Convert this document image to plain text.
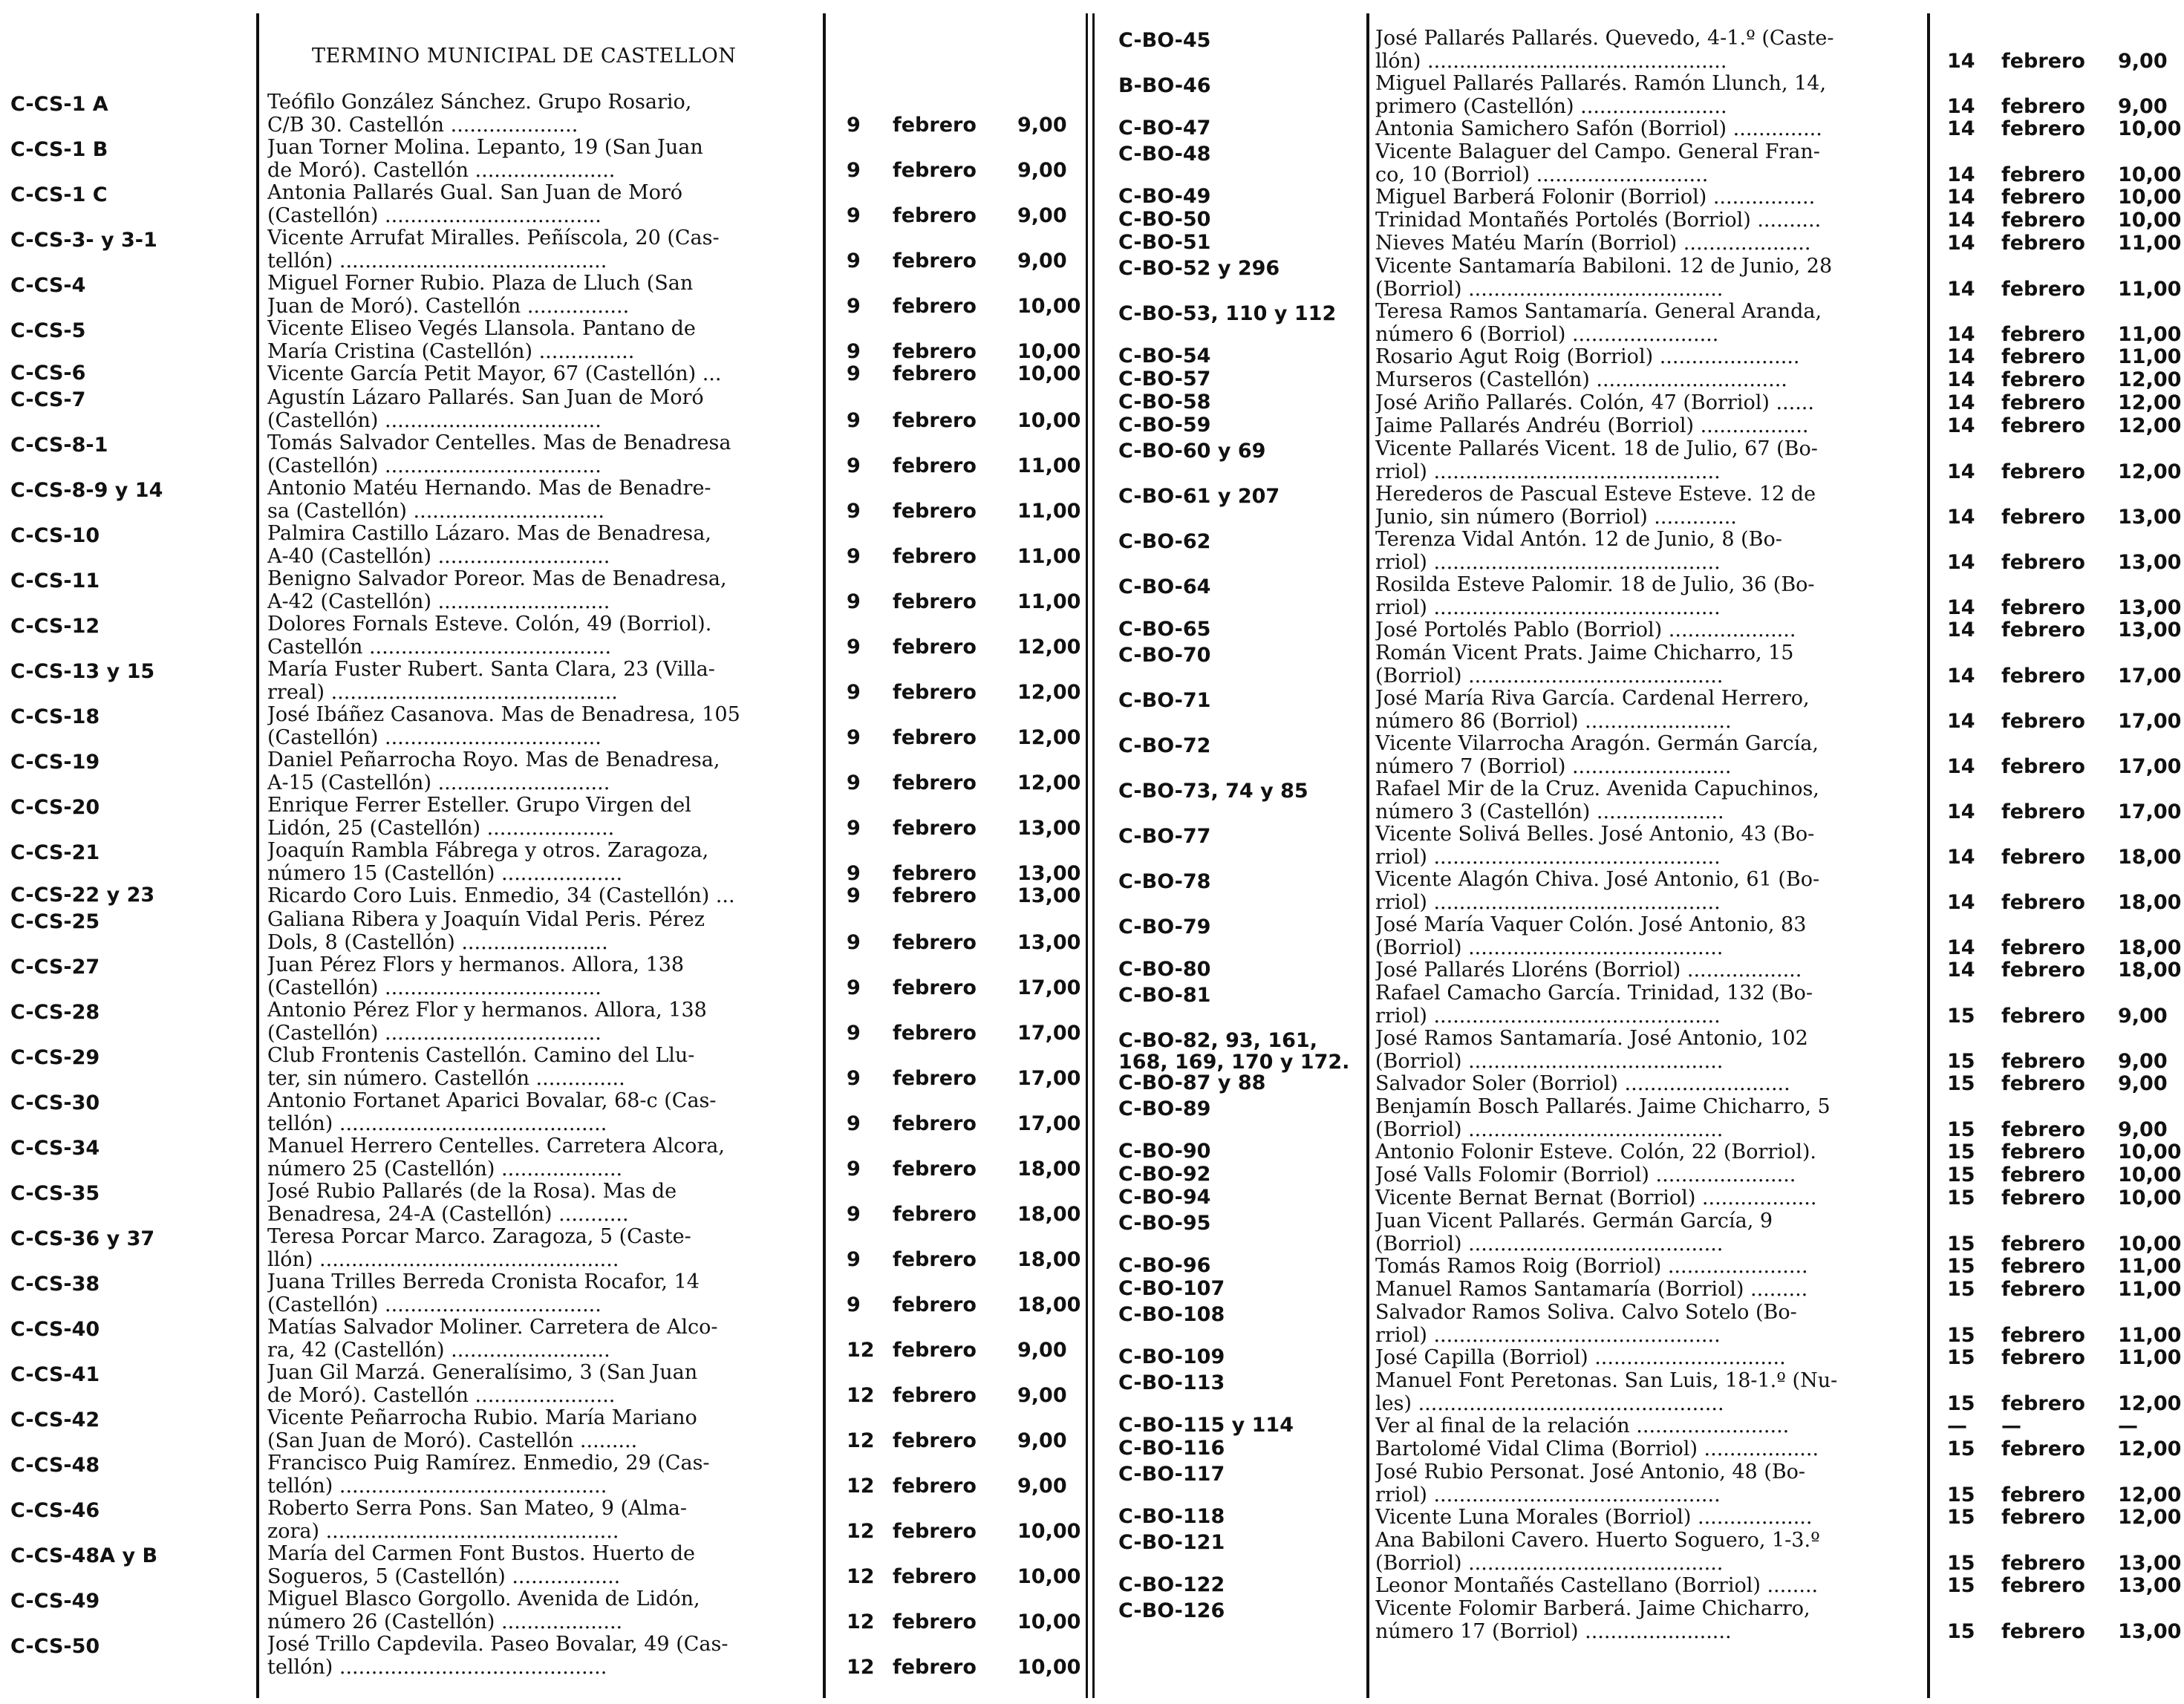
TERMINO MUNICIPAL DE CASTELLON
C-CS-1 A	Teófilo González Sánchez. Grupo Rosario,
C/B 30. Castellón ....................	9 febrero 9,00
C-CS-1 B	Juan Torner Molina. Lepanto, 19 (San Juan
de Moró). Castellón ......................	9 febrero 9,00
C-CS-1 C	Antonia Pallarés Gual. San Juan de Moró
(Castellón) ..................................	9 febrero 9,00
C-CS-3- y 3-1	Vicente Arrufat Miralles. Peñíscola, 20 (Cas-
tellón) ..........................................	9 febrero 9,00
C-CS-4	Miguel Forner Rubio. Plaza de Lluch (San
Juan de Moró). Castellón ................	9 febrero 10,00
C-CS-5	Vicente Eliseo Vegés Llansola. Pantano de
María Cristina (Castellón) ...............	9 febrero 10,00
C-CS-6	Vicente García Petit Mayor, 67 (Castellón) ...	9 febrero 10,00
C-CS-7	Agustín Lázaro Pallarés. San Juan de Moró
(Castellón) ..................................	9 febrero 10,00
C-CS-8-1	Tomás Salvador Centelles. Mas de Benadresa
(Castellón) ..................................	9 febrero 11,00
C-CS-8-9 y 14	Antonio Matéu Hernando. Mas de Benadre-
sa (Castellón) ..............................	9 febrero 11,00
C-CS-10	Palmira Castillo Lázaro. Mas de Benadresa,
A-40 (Castellón) ...........................	9 febrero 11,00
C-CS-11	Benigno Salvador Poreor. Mas de Benadresa,
A-42 (Castellón) ...........................	9 febrero 11,00
C-CS-12	Dolores Fornals Esteve. Colón, 49 (Borriol).
Castellón ......................................	9 febrero 12,00
C-CS-13 y 15	María Fuster Rubert. Santa Clara, 23 (Villa-
rreal) .............................................	9 febrero 12,00
C-CS-18	José Ibáñez Casanova. Mas de Benadresa, 105
(Castellón) ..................................	9 febrero 12,00
C-CS-19	Daniel Peñarrocha Royo. Mas de Benadresa,
A-15 (Castellón) ...........................	9 febrero 12,00
C-CS-20	Enrique Ferrer Esteller. Grupo Virgen del
Lidón, 25 (Castellón) ....................	9 febrero 13,00
C-CS-21	Joaquín Rambla Fábrega y otros. Zaragoza,
número 15 (Castellón) ...................	9 febrero 13,00
C-CS-22 y 23	Ricardo Coro Luis. Enmedio, 34 (Castellón) ...	9 febrero 13,00
C-CS-25	Galiana Ribera y Joaquín Vidal Peris. Pérez
Dols, 8 (Castellón) .......................	9 febrero 13,00
C-CS-27	Juan Pérez Flors y hermanos. Allora, 138
(Castellón) ..................................	9 febrero 17,00
C-CS-28	Antonio Pérez Flor y hermanos. Allora, 138
(Castellón) ..................................	9 febrero 17,00
C-CS-29	Club Frontenis Castellón. Camino del Llu-
ter, sin número. Castellón ..............	9 febrero 17,00
C-CS-30	Antonio Fortanet Aparici Bovalar, 68-c (Cas-
tellón) ..........................................	9 febrero 17,00
C-CS-34	Manuel Herrero Centelles. Carretera Alcora,
número 25 (Castellón) ...................	9 febrero 18,00
C-CS-35	José Rubio Pallarés (de la Rosa). Mas de
Benadresa, 24-A (Castellón) ...........	9 febrero 18,00
C-CS-36 y 37	Teresa Porcar Marco. Zaragoza, 5 (Caste-
llón) ...............................................	9 febrero 18,00
C-CS-38	Juana Trilles Berreda Cronista Rocafor, 14
(Castellón) ..................................	9 febrero 18,00
C-CS-40	Matías Salvador Moliner. Carretera de Alco-
ra, 42 (Castellón) .........................	12 febrero 9,00
C-CS-41	Juan Gil Marzá. Generalísimo, 3 (San Juan
de Moró). Castellón ......................	12 febrero 9,00
C-CS-42	Vicente Peñarrocha Rubio. María Mariano
(San Juan de Moró). Castellón .........	12 febrero 9,00
C-CS-48	Francisco Puig Ramírez. Enmedio, 29 (Cas-
tellón) ..........................................	12 febrero 9,00
C-CS-46	Roberto Serra Pons. San Mateo, 9 (Alma-
zora) ..............................................	12 febrero 10,00
C-CS-48A y B	María del Carmen Font Bustos. Huerto de
Sogueros, 5 (Castellón) .................	12 febrero 10,00
C-CS-49	Miguel Blasco Gorgollo. Avenida de Lidón,
número 26 (Castellón) ...................	12 febrero 10,00
C-CS-50	José Trillo Capdevila. Paseo Bovalar, 49 (Cas-
tellón) ..........................................	12 febrero 10,00
C-BO-45	José Pallarés Pallarés. Quevedo, 4-1.º (Caste-
llón) ...............................................	14 febrero 9,00
B-BO-46	Miguel Pallarés Pallarés. Ramón Llunch, 14,
primero (Castellón) .......................	14 febrero 9,00
C-BO-47	Antonia Samichero Safón (Borriol) ..............	14 febrero 10,00
C-BO-48	Vicente Balaguer del Campo. General Fran-
co, 10 (Borriol) ...........................	14 febrero 10,00
C-BO-49	Miguel Barberá Folonir (Borriol) ................	14 febrero 10,00
C-BO-50	Trinidad Montañés Portolés (Borriol) ..........	14 febrero 10,00
C-BO-51	Nieves Matéu Marín (Borriol) ....................	14 febrero 11,00
C-BO-52 y 296	Vicente Santamaría Babiloni. 12 de Junio, 28
(Borriol) ........................................	14 febrero 11,00
C-BO-53, 110 y 112 Teresa Ramos Santamaría. General Aranda,
número 6 (Borriol) .......................	14 febrero 11,00
C-BO-54	Rosario Agut Roig (Borriol) ......................	14 febrero 11,00
C-BO-57	Murseros (Castellón) ..............................	14 febrero 12,00
C-BO-58	José Ariño Pallarés. Colón, 47 (Borriol) ......	14 febrero 12,00
C-BO-59	Jaime Pallarés Andréu (Borriol) .................	14 febrero 12,00
C-BO-60 y 69	Vicente Pallarés Vicent. 18 de Julio, 67 (Bo-
rriol) .............................................	14 febrero 12,00
C-BO-61 y 207	Herederos de Pascual Esteve Esteve. 12 de
Junio, sin número (Borriol) .............	14 febrero 13,00
C-BO-62	Terenza Vidal Antón. 12 de Junio, 8 (Bo-
rriol) .............................................	14 febrero 13,00
C-BO-64	Rosilda Esteve Palomir. 18 de Julio, 36 (Bo-
rriol) .............................................	14 febrero 13,00
C-BO-65	José Portolés Pablo (Borriol) ....................	14 febrero 13,00
C-BO-70	Román Vicent Prats. Jaime Chicharro, 15
(Borriol) ........................................	14 febrero 17,00
C-BO-71	José María Riva García. Cardenal Herrero,
número 86 (Borriol) .......................	14 febrero 17,00
C-BO-72	Vicente Vilarrocha Aragón. Germán García,
número 7 (Borriol) .........................	14 febrero 17,00
C-BO-73, 74 y 85	Rafael Mir de la Cruz. Avenida Capuchinos,
número 3 (Castellón) ....................	14 febrero 17,00
C-BO-77	Vicente Solivá Belles. José Antonio, 43 (Bo-
rriol) .............................................	14 febrero 18,00
C-BO-78	Vicente Alagón Chiva. José Antonio, 61 (Bo-
rriol) .............................................	14 febrero 18,00
C-BO-79	José María Vaquer Colón. José Antonio, 83
(Borriol) ........................................	14 febrero 18,00
C-BO-80	José Pallarés Lloréns (Borriol) ..................	14 febrero 18,00
C-BO-81	Rafael Camacho García. Trinidad, 132 (Bo-
rriol) .............................................	15 febrero 9,00
C-BO-82, 93, 161, 168, 169, 170 y 172.
José Ramos Santamaría. José Antonio, 102
(Borriol) ........................................	15 febrero 9,00
C-BO-87 y 88	Salvador Soler (Borriol) ..........................	15 febrero 9,00
C-BO-89	Benjamín Bosch Pallarés. Jaime Chicharro, 5
(Borriol) ........................................	15 febrero 9,00
C-BO-90	Antonio Folonir Esteve. Colón, 22 (Borriol).	15 febrero 10,00
C-BO-92	José Valls Folomir (Borriol) ......................	15 febrero 10,00
C-BO-94	Vicente Bernat Bernat (Borriol) ..................	15 febrero 10,00
C-BO-95	Juan Vicent Pallarés. Germán García, 9
(Borriol) ........................................	15 febrero 10,00
C-BO-96	Tomás Ramos Roig (Borriol) ......................	15 febrero 11,00
C-BO-107	Manuel Ramos Santamaría (Borriol) .........	15 febrero 11,00
C-BO-108	Salvador Ramos Soliva. Calvo Sotelo (Bo-
rriol) .............................................	15 febrero 11,00
C-BO-109	José Capilla (Borriol) ..............................	15 febrero 11,00
C-BO-113	Manuel Font Peretonas. San Luis, 18-1.º (Nu-
les) ................................................	15 febrero 12,00
C-BO-115 y 114	Ver al final de la relación ........................	— —	—
C-BO-116	Bartolomé Vidal Clima (Borriol) ..................	15 febrero 12,00
C-BO-117	José Rubio Personat. José Antonio, 48 (Bo-
rriol) .............................................	15 febrero 12,00
C-BO-118	Vicente Luna Morales (Borriol) ..................	15 febrero 12,00
C-BO-121	Ana Babiloni Cavero. Huerto Soguero, 1-3.º
(Borriol) ........................................	15 febrero 13,00
C-BO-122	Leonor Montañés Castellano (Borriol) ........	15 febrero 13,00
C-BO-126	Vicente Folomir Barberá. Jaime Chicharro,
número 17 (Borriol) .......................	15 febrero 13,00
